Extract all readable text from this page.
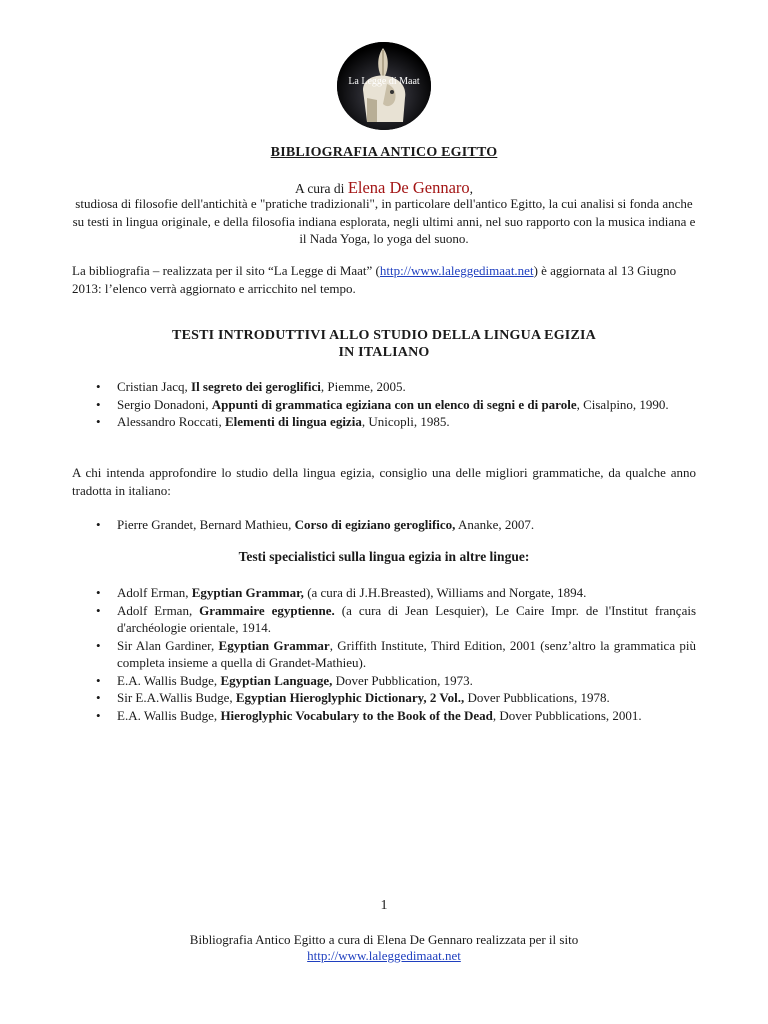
La Legge di Maat
BIBLIOGRAFIA ANTICO EGITTO
A cura di Elena De Gennaro,
studiosa di filosofie dell'antichità e "pratiche tradizionali", in particolare dell'antico Egitto, la cui analisi si fonda anche su testi in lingua originale, e della filosofia indiana esplorata, negli ultimi anni, nel suo rapporto con la musica indiana e il Nada Yoga, lo yoga del suono.
La bibliografia – realizzata per il sito “La Legge di Maat” (http://www.laleggedimaat.net) è aggiornata al 13 Giugno 2013: l’elenco verrà aggiornato e arricchito nel tempo.
TESTI INTRODUTTIVI ALLO STUDIO DELLA LINGUA EGIZIA
IN ITALIANO
• Cristian Jacq, Il segreto dei geroglifici, Piemme, 2005.
• Sergio Donadoni, Appunti di grammatica egiziana con un elenco di segni e di parole, Cisalpino, 1990.
• Alessandro Roccati, Elementi di lingua egizia, Unicopli, 1985.
A chi intenda approfondire lo studio della lingua egizia, consiglio una delle migliori grammatiche, da qualche anno tradotta in italiano:
• Pierre Grandet, Bernard Mathieu, Corso di egiziano geroglifico, Ananke, 2007.
Testi specialistici sulla lingua egizia in altre lingue:
• Adolf Erman, Egyptian Grammar, (a cura di J.H.Breasted), Williams and Norgate, 1894.
• Adolf Erman, Grammaire egyptienne. (a cura di Jean Lesquier), Le Caire Impr. de l'Institut français d'archéologie orientale, 1914.
• Sir Alan Gardiner, Egyptian Grammar, Griffith Institute, Third Edition, 2001 (senz’altro la grammatica più completa insieme a quella di Grandet-Mathieu).
• E.A. Wallis Budge, Egyptian Language, Dover Pubblication, 1973.
• Sir E.A.Wallis Budge, Egyptian Hieroglyphic Dictionary, 2 Vol., Dover Pubblications, 1978.
• E.A. Wallis Budge, Hieroglyphic Vocabulary to the Book of the Dead, Dover Pubblications, 2001.
1
Bibliografia Antico Egitto a cura di Elena De Gennaro realizzata per il sito
http://www.laleggedimaat.net
